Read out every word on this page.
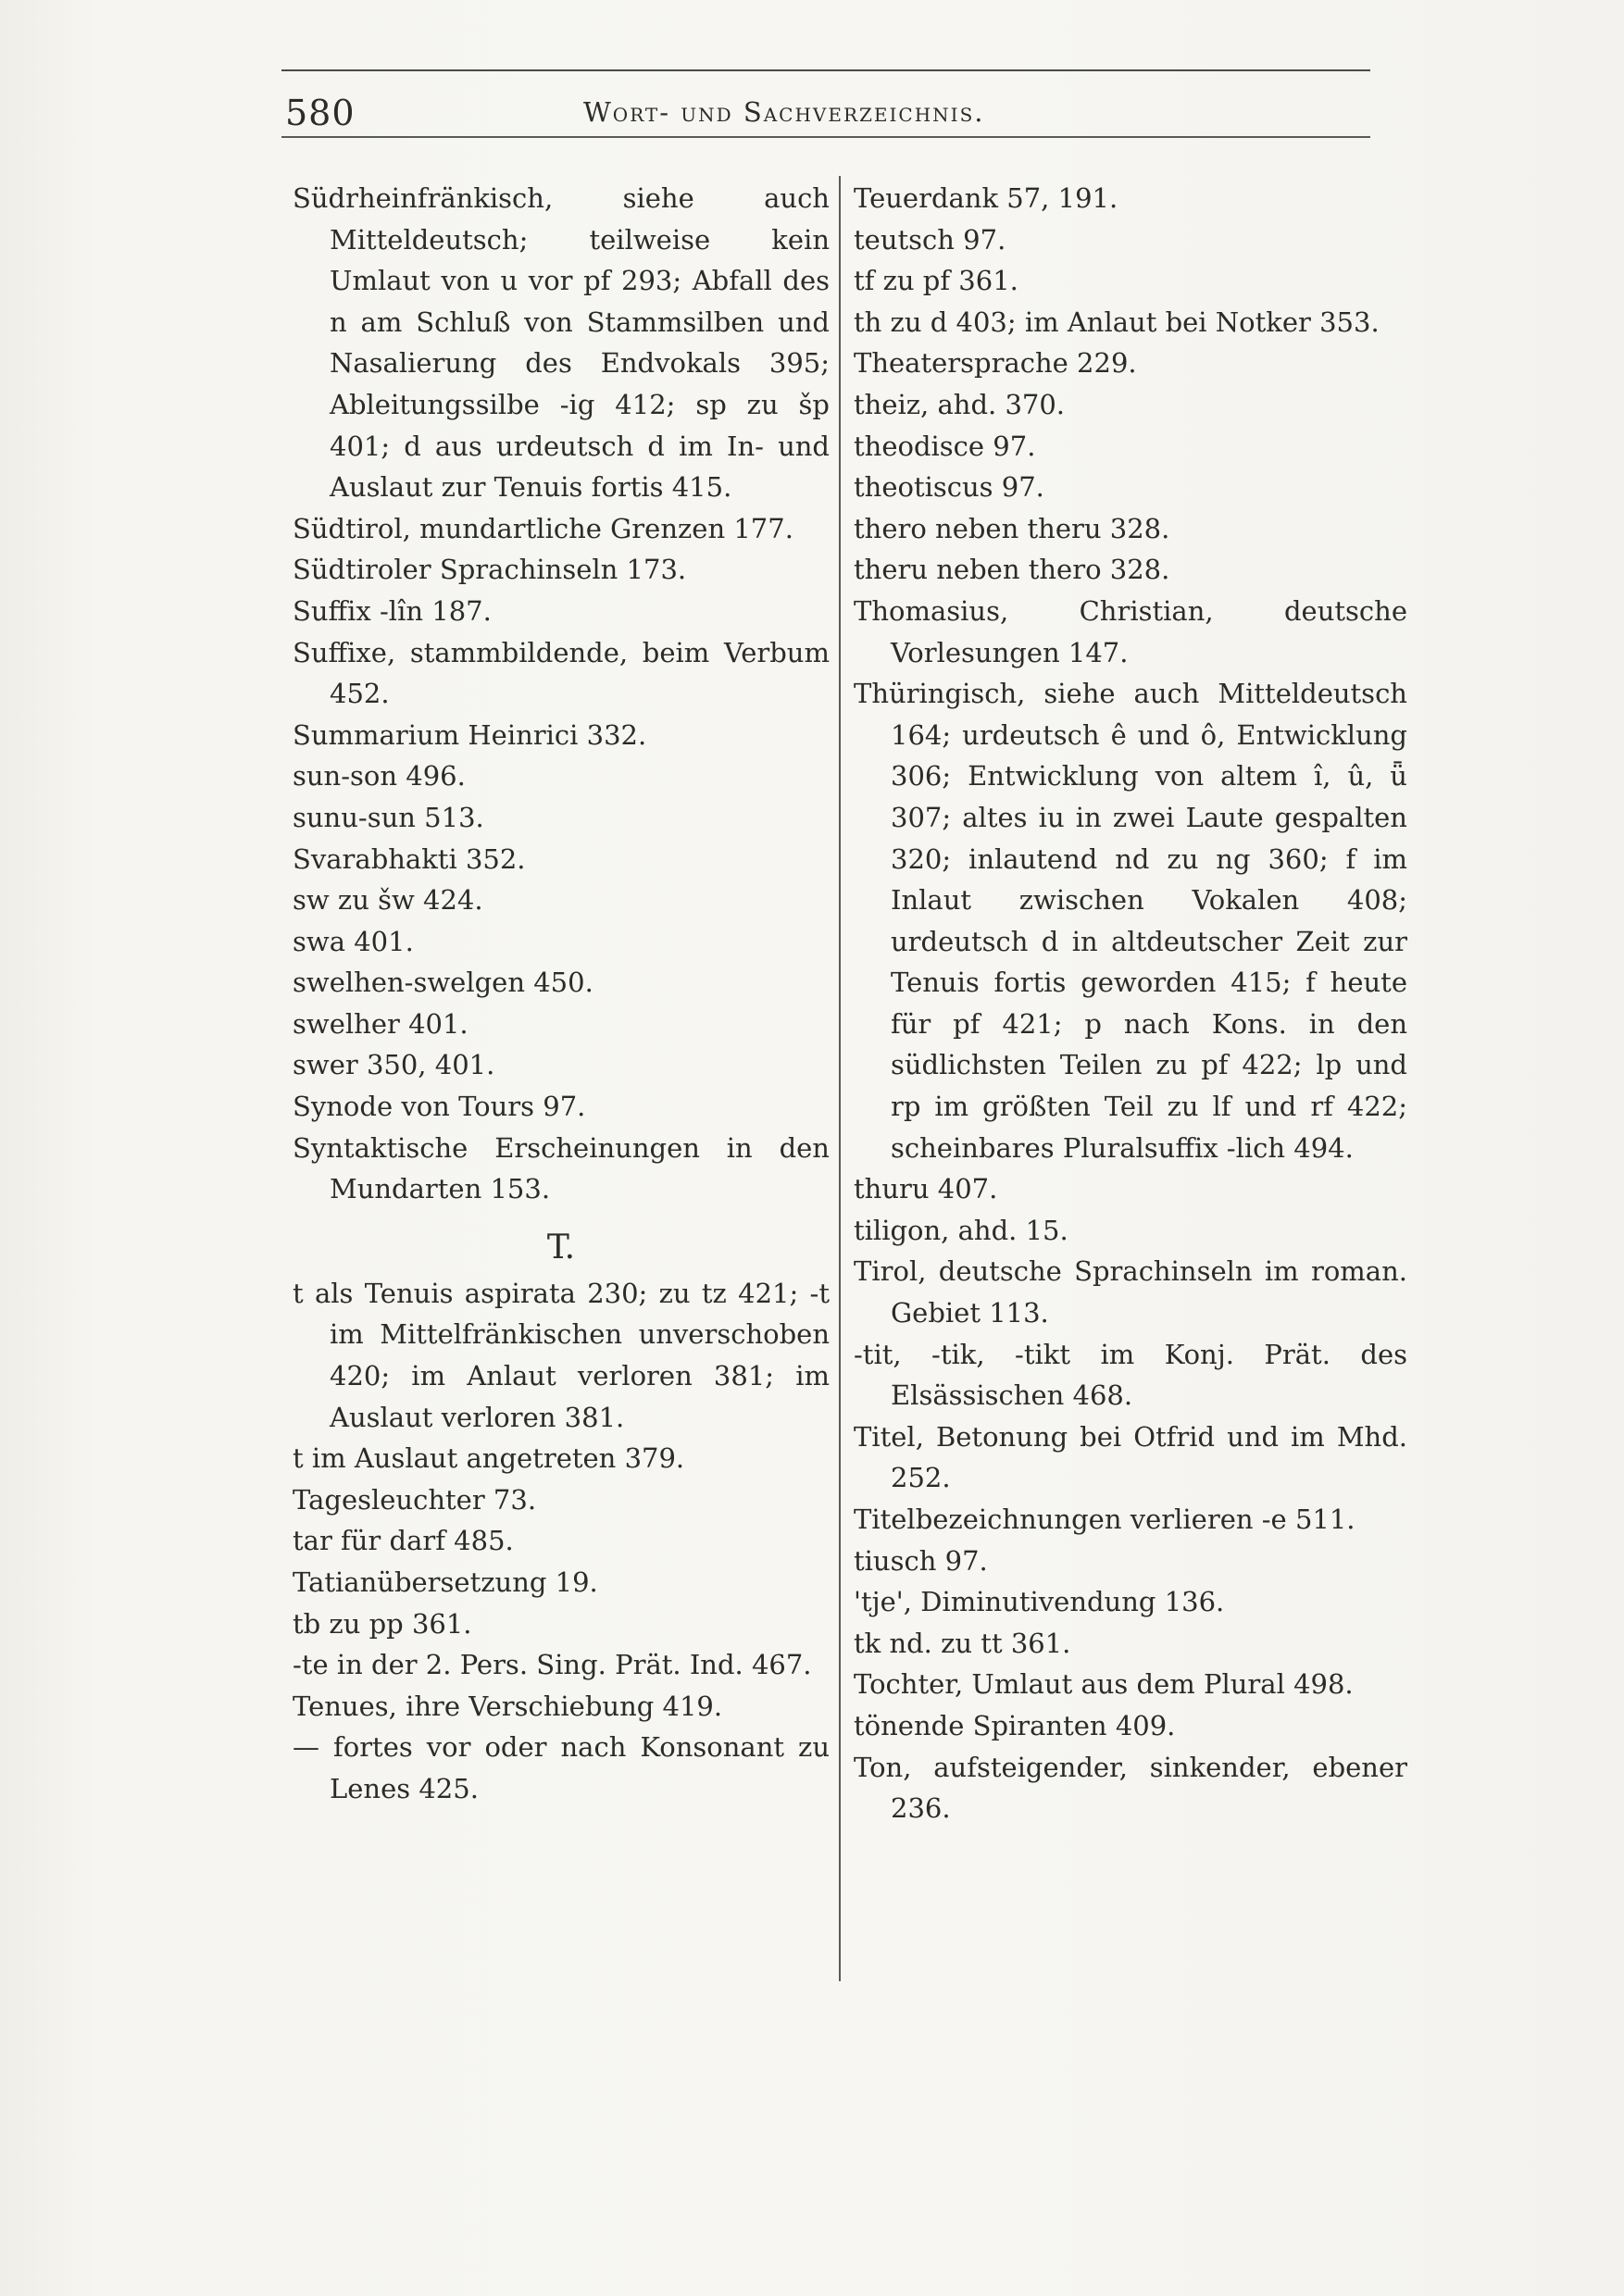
580	Wort- und Sachverzeichnis.
Südrheinfränkisch, siehe auch Mitteldeutsch; teilweise kein Umlaut von u vor pf 293; Abfall des n am Schluß von Stammsilben und Nasalierung des Endvokals 395; Ableitungssilbe -ig 412; sp zu šp 401; d aus urdeutsch d im In- und Auslaut zur Tenuis fortis 415.
Südtirol, mundartliche Grenzen 177.
Südtiroler Sprachinseln 173.
Suffix -lîn 187.
Suffixe, stammbildende, beim Verbum 452.
Summarium Heinrici 332.
sun-son 496.
sunu-sun 513.
Svarabhakti 352.
sw zu šw 424.
swa 401.
swelhen-swelgen 450.
swelher 401.
swer 350, 401.
Synode von Tours 97.
Syntaktische Erscheinungen in den Mundarten 153.
T.
t als Tenuis aspirata 230; zu tz 421; -t im Mittelfränkischen unverschoben 420; im Anlaut verloren 381; im Auslaut verloren 381.
t im Auslaut angetreten 379.
Tagesleuchter 73.
tar für darf 485.
Tatianübersetzung 19.
tb zu pp 361.
-te in der 2. Pers. Sing. Prät. Ind. 467.
Tenues, ihre Verschiebung 419.
— fortes vor oder nach Konsonant zu Lenes 425.
Teuerdank 57, 191.
teutsch 97.
tf zu pf 361.
th zu d 403; im Anlaut bei Notker 353.
Theatersprache 229.
theiz, ahd. 370.
theodisce 97.
theotiscus 97.
thero neben theru 328.
theru neben thero 328.
Thomasius, Christian, deutsche Vorlesungen 147.
Thüringisch, siehe auch Mitteldeutsch 164; urdeutsch ê und ô, Entwicklung 306; Entwicklung von altem î, û, ǖ 307; altes iu in zwei Laute gespalten 320; inlautend nd zu ng 360; f im Inlaut zwischen Vokalen 408; urdeutsch d in altdeutscher Zeit zur Tenuis fortis geworden 415; f heute für pf 421; p nach Kons. in den südlichsten Teilen zu pf 422; lp und rp im größten Teil zu lf und rf 422; scheinbares Pluralsuffix -lich 494.
thuru 407.
tiligon, ahd. 15.
Tirol, deutsche Sprachinseln im roman. Gebiet 113.
-tit, -tik, -tikt im Konj. Prät. des Elsässischen 468.
Titel, Betonung bei Otfrid und im Mhd. 252.
Titelbezeichnungen verlieren -e 511.
tiusch 97.
'tje', Diminutivendung 136.
tk nd. zu tt 361.
Tochter, Umlaut aus dem Plural 498.
tönende Spiranten 409.
Ton, aufsteigender, sinkender, ebener 236.
